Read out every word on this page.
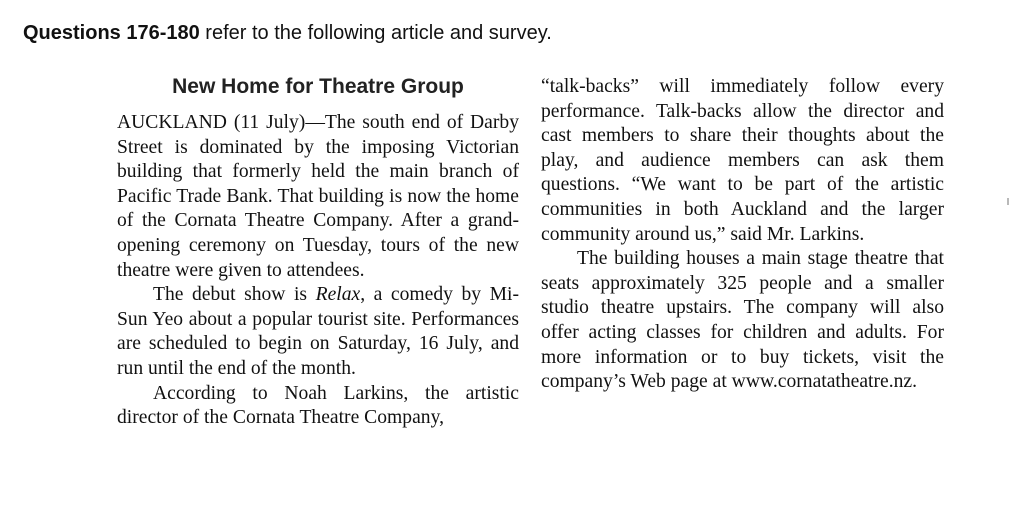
Questions 176-180 refer to the following article and survey.
New Home for Theatre Group

AUCKLAND (11 July)—The south end of Darby Street is dominated by the imposing Victorian building that formerly held the main branch of Pacific Trade Bank. That building is now the home of the Cornata Theatre Company. After a grand-opening ceremony on Tuesday, tours of the new theatre were given to attendees.

The debut show is Relax, a comedy by Mi-Sun Yeo about a popular tourist site. Performances are scheduled to begin on Saturday, 16 July, and run until the end of the month.

According to Noah Larkins, the artistic director of the Cornata Theatre Company,

“talk-backs” will immediately follow every performance. Talk-backs allow the director and cast members to share their thoughts about the play, and audience members can ask them questions. “We want to be part of the artistic communities in both Auckland and the larger community around us,” said Mr. Larkins.

The building houses a main stage theatre that seats approximately 325 people and a smaller studio theatre upstairs. The company will also offer acting classes for children and adults. For more information or to buy tickets, visit the company’s Web page at www.cornatatheatre.nz.
